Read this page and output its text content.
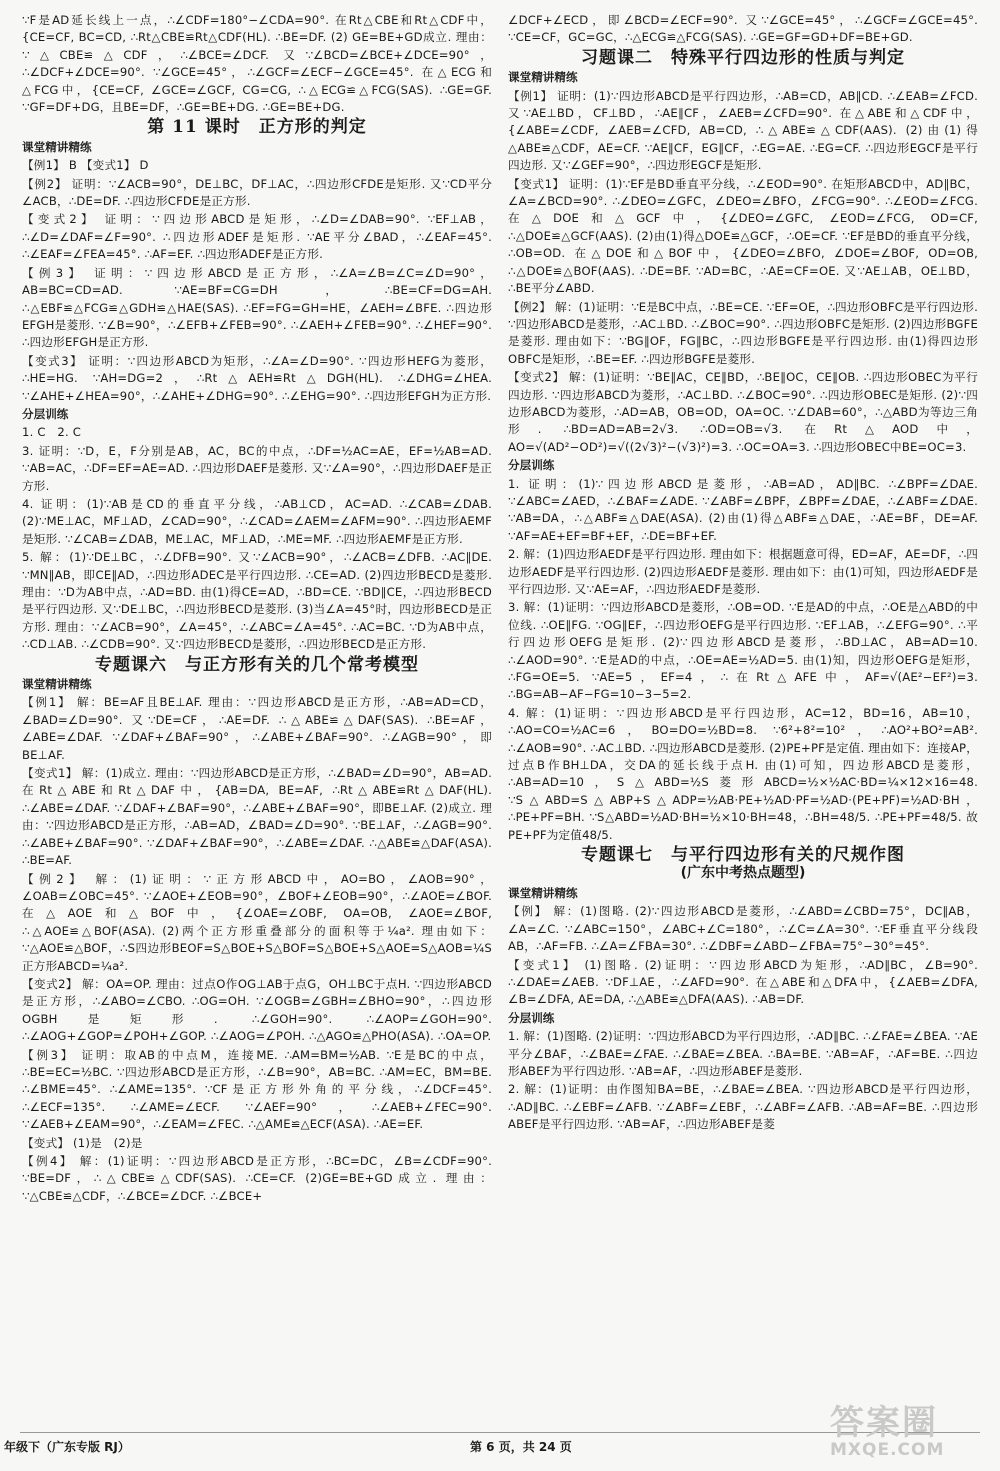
∵F是AD延长线上一点，∴∠CDF=180°−∠CDA=90°. 在Rt△CBE和Rt△CDF中，{CE=CF, BC=CD, ∴Rt△CBE≌Rt△CDF(HL). ∴BE=DF. (2) GE=BE+GD成立. 理由：∵△CBE≌△CDF，∴∠BCE=∠DCF. 又∵∠BCD=∠BCE+∠DCE=90°，∴∠DCF+∠DCE=90°. ∵∠GCE=45°，∴∠GCF=∠ECF−∠GCE=45°. 在△ECG和△FCG中，{CE=CF, ∠GCE=∠GCF, CG=CG, ∴△ECG≌△FCG(SAS). ∴GE=GF. ∵GF=DF+DG，且BE=DF，∴GE=BE+DG. ∴GE=BE+DG.
第 11 课时　正方形的判定
课堂精讲精练
【例1】 B 【变式1】 D
【例2】 证明：∵∠ACB=90°，DE⊥BC，DF⊥AC，∴四边形CFDE是矩形. 又∵CD平分∠ACB，∴DE=DF. ∴四边形CFDE是正方形.
【变式2】 证明：∵四边形ABCD是矩形，∴∠D=∠DAB=90°. ∵EF⊥AB，∴∠D=∠DAF=∠F=90°. ∴四边形ADEF是矩形. ∵AE平分∠BAD，∴∠EAF=45°. ∴∠EAF=∠FEA=45°. ∴AF=EF. ∴四边形ADEF是正方形.
【例3】 证明：∵四边形ABCD是正方形，∴∠A=∠B=∠C=∠D=90°，AB=BC=CD=AD. ∵AE=BF=CG=DH，∴BE=CF=DG=AH. ∴△EBF≌△FCG≌△GDH≌△HAE(SAS). ∴EF=FG=GH=HE，∠AEH=∠BFE. ∴四边形EFGH是菱形. ∵∠B=90°，∴∠EFB+∠FEB=90°. ∴∠AEH+∠FEB=90°. ∴∠HEF=90°. ∴四边形EFGH是正方形.
【变式3】 证明：∵四边形ABCD为矩形，∴∠A=∠D=90°. ∵四边形HEFG为菱形，∴HE=HG. ∵AH=DG=2，∴Rt△AEH≌Rt△DGH(HL). ∴∠DHG=∠HEA. ∵∠AHE+∠HEA=90°，∴∠AHE+∠DHG=90°. ∴∠EHG=90°. ∴四边形EFGH为正方形.
分层训练
1. C　2. C
3. 证明：∵D，E，F分别是AB，AC，BC的中点，∴DF=½AC=AE，EF=½AB=AD. ∵AB=AC，∴DF=EF=AE=AD. ∴四边形DAEF是菱形. 又∵∠A=90°，∴四边形DAEF是正方形.
4. 证明：(1)∵AB是CD的垂直平分线，∴AB⊥CD，AC=AD. ∴∠CAB=∠DAB. (2)∵ME⊥AC，MF⊥AD，∠CAD=90°，∴∠CAD=∠AEM=∠AFM=90°. ∴四边形AEMF是矩形. ∵∠CAB=∠DAB，ME⊥AC，MF⊥AD，∴ME=MF. ∴四边形AEMF是正方形.
5. 解：(1)∵DE⊥BC，∴∠DFB=90°. 又∵∠ACB=90°，∴∠ACB=∠DFB. ∴AC∥DE. ∵MN∥AB，即CE∥AD，∴四边形ADEC是平行四边形. ∴CE=AD. (2)四边形BECD是菱形. 理由：∵D为AB中点，∴AD=BD. 由(1)得CE=AD，∴BD=CE. ∵BD∥CE，∴四边形BECD是平行四边形. 又∵DE⊥BC，∴四边形BECD是菱形. (3)当∠A=45°时，四边形BECD是正方形. 理由：∵∠ACB=90°，∠A=45°，∴∠ABC=∠A=45°. ∴AC=BC. ∵D为AB中点，∴CD⊥AB. ∴∠CDB=90°. 又∵四边形BECD是菱形，∴四边形BECD是正方形.
专题课六　与正方形有关的几个常考模型
课堂精讲精练
【例1】 解：BE=AF且BE⊥AF. 理由：∵四边形ABCD是正方形，∴AB=AD=CD，∠BAD=∠D=90°. 又∵DE=CF，∴AE=DF. ∴△ABE≌△DAF(SAS). ∴BE=AF，∠ABE=∠DAF. ∵∠DAF+∠BAF=90°，∴∠ABE+∠BAF=90°. ∴∠AGB=90°，即BE⊥AF.
【变式1】 解：(1)成立. 理由：∵四边形ABCD是正方形，∴∠BAD=∠D=90°，AB=AD. 在Rt△ABE和Rt△DAF中，{AB=DA, BE=AF, ∴Rt△ABE≌Rt△DAF(HL). ∴∠ABE=∠DAF. ∵∠DAF+∠BAF=90°，∴∠ABE+∠BAF=90°，即BE⊥AF. (2)成立. 理由：∵四边形ABCD是正方形，∴AB=AD，∠BAD=∠D=90°. ∵BE⊥AF，∴∠AGB=90°. ∴∠ABE+∠BAF=90°. ∵∠DAF+∠BAF=90°，∴∠ABE=∠DAF. ∴△ABE≌△DAF(ASA). ∴BE=AF.
【例2】 解：(1)证明：∵正方形ABCD中，AO=BO，∠AOB=90°，∠OAB=∠OBC=45°. ∵∠AOE+∠EOB=90°，∠BOF+∠EOB=90°，∴∠AOE=∠BOF. 在△AOE和△BOF中，{∠OAE=∠OBF, OA=OB, ∠AOE=∠BOF, ∴△AOE≌△BOF(ASA). (2)两个正方形重叠部分的面积等于¼a². 理由如下：∵△AOE≌△BOF，∴S四边形BEOF=S△BOE+S△BOF=S△BOE+S△AOE=S△AOB=¼S正方形ABCD=¼a².
【变式2】 解：OA=OP. 理由：过点O作OG⊥AB于点G，OH⊥BC于点H. ∵四边形ABCD是正方形，∴∠ABO=∠CBO. ∴OG=OH. ∵∠OGB=∠GBH=∠BHO=90°，∴四边形OGBH是矩形. ∴∠GOH=90°. ∴∠AOP=∠GOH=90°. ∴∠AOG+∠GOP=∠POH+∠GOP. ∴∠AOG=∠POH. ∴△AGO≌△PHO(ASA). ∴OA=OP.
【例3】 证明：取AB的中点M，连接ME. ∴AM=BM=½AB. ∵E是BC的中点，∴BE=EC=½BC. ∵四边形ABCD是正方形，∴∠B=90°，AB=BC. ∴AM=EC，BM=BE. ∴∠BME=45°. ∴∠AME=135°. ∵CF是正方形外角的平分线，∴∠DCF=45°. ∴∠ECF=135°. ∴∠AME=∠ECF. ∵∠AEF=90°，∴∠AEB+∠FEC=90°. ∵∠AEB+∠EAM=90°，∴∠EAM=∠FEC. ∴△AME≌△ECF(ASA). ∴AE=EF.
【变式】 (1)是　(2)是
【例4】 解：(1)证明：∵四边形ABCD是正方形，∴BC=DC，∠B=∠CDF=90°. ∵BE=DF，∴△CBE≌△CDF(SAS). ∴CE=CF. (2)GE=BE+GD成立. 理由：∵△CBE≌△CDF，∴∠BCE=∠DCF. ∴∠BCE+
∠DCF+∠ECD，即∠BCD=∠ECF=90°. 又∵∠GCE=45°，∴∠GCF=∠GCE=45°. ∵CE=CF，GC=GC，∴△ECG≌△FCG(SAS). ∴GE=GF=GD+DF=BE+GD.
习题课二　特殊平行四边形的性质与判定
课堂精讲精练
【例1】 证明：(1)∵四边形ABCD是平行四边形，∴AB=CD，AB∥CD. ∴∠EAB=∠FCD. 又∵AE⊥BD，CF⊥BD，∴AE∥CF，∠AEB=∠CFD=90°. 在△ABE和△CDF中，{∠ABE=∠CDF, ∠AEB=∠CFD, AB=CD, ∴△ABE≌△CDF(AAS). (2)由(1)得△ABE≌△CDF，AE=CF. ∵AE∥CF，EG∥CF，∴EG=AE. ∴EG=CF. ∴四边形EGCF是平行四边形. 又∵∠GEF=90°，∴四边形EGCF是矩形.
【变式1】 证明：(1)∵EF是BD垂直平分线，∴∠EOD=90°. 在矩形ABCD中，AD∥BC，∠A=∠BCD=90°. ∴∠DEO=∠GFC，∠DEO=∠BFO，∠FCG=90°. ∴∠EOD=∠FCG. 在△DOE和△GCF中，{∠DEO=∠GFC, ∠EOD=∠FCG, OD=CF, ∴△DOE≌△GCF(AAS). (2)由(1)得△DOE≌△GCF，∴OE=CF. ∵EF是BD的垂直平分线，∴OB=OD. 在△DOE和△BOF中，{∠DEO=∠BFO, ∠DOE=∠BOF, OD=OB, ∴△DOE≌△BOF(AAS). ∴DE=BF. ∵AD=BC，∴AE=CF=OE. 又∵AE⊥AB，OE⊥BD，∴BE平分∠ABD.
【例2】 解：(1)证明：∵E是BC中点，∴BE=CE. ∵EF=OE，∴四边形OBFC是平行四边形. ∵四边形ABCD是菱形，∴AC⊥BD. ∴∠BOC=90°. ∴四边形OBFC是矩形. (2)四边形BGFE是菱形. 理由如下：∵BG∥OF，FG∥BC，∴四边形BGFE是平行四边形. 由(1)得四边形OBFC是矩形，∴BE=EF. ∴四边形BGFE是菱形.
【变式2】 解：(1)证明：∵BE∥AC，CE∥BD，∴BE∥OC，CE∥OB. ∴四边形OBEC为平行四边形. ∵四边形ABCD为菱形，∴AC⊥BD. ∴∠BOC=90°. ∴四边形OBEC是矩形. (2)∵四边形ABCD为菱形，∴AD=AB，OB=OD，OA=OC. ∵∠DAB=60°，∴△ABD为等边三角形. ∴BD=AD=AB=2√3. ∴OD=OB=√3. 在Rt△AOD中，AO=√(AD²−OD²)=√((2√3)²−(√3)²)=3. ∴OC=OA=3. ∴四边形OBEC中BE=OC=3.
分层训练
1. 证明：(1)∵四边形ABCD是菱形，∴AB=AD，AD∥BC. ∴∠BPF=∠DAE. ∵∠ABC=∠AED，∴∠BAF=∠ADE. ∵∠ABF=∠BPF，∠BPF=∠DAE，∴∠ABF=∠DAE. ∵AB=DA，∴△ABF≌△DAE(ASA). (2)由(1)得△ABF≌△DAE，∴AE=BF，DE=AF. ∵AF=AE+EF=BF+EF，∴DE=BF+EF.
2. 解：(1)四边形AEDF是平行四边形. 理由如下：根据题意可得，ED=AF，AE=DF，∴四边形AEDF是平行四边形. (2)四边形AEDF是菱形. 理由如下：由(1)可知，四边形AEDF是平行四边形. 又∵AE=AF，∴四边形AEDF是菱形.
3. 解：(1)证明：∵四边形ABCD是菱形，∴OB=OD. ∵E是AD的中点，∴OE是△ABD的中位线. ∴OE∥FG. ∵OG∥EF，∴四边形OEFG是平行四边形. ∵EF⊥AB，∴∠EFG=90°. ∴平行四边形OEFG是矩形. (2)∵四边形ABCD是菱形，∴BD⊥AC，AB=AD=10. ∴∠AOD=90°. ∵E是AD的中点，∴OE=AE=½AD=5. 由(1)知，四边形OEFG是矩形，∴FG=OE=5. ∵AE=5，EF=4，∴在Rt△AFE中，AF=√(AE²−EF²)=3. ∴BG=AB−AF−FG=10−3−5=2.
4. 解：(1)证明：∵四边形ABCD是平行四边形，AC=12，BD=16，AB=10，∴AO=CO=½AC=6，BO=DO=½BD=8. ∵6²+8²=10²，∴AO²+BO²=AB². ∴∠AOB=90°. ∴AC⊥BD. ∴四边形ABCD是菱形. (2)PE+PF是定值. 理由如下：连接AP，过点B作BH⊥DA，交DA的延长线于点H. 由(1)可知，四边形ABCD是菱形，∴AB=AD=10，S△ABD=½S菱形ABCD=½×½AC·BD=¼×12×16=48. ∵S△ABD=S△ABP+S△ADP=½AB·PE+½AD·PF=½AD·(PE+PF)=½AD·BH，∴PE+PF=BH. ∵S△ABD=½AD·BH=½×10·BH=48，∴BH=48/5. ∴PE+PF=48/5. 故PE+PF为定值48/5.
专题课七　与平行四边形有关的尺规作图
(广东中考热点题型)
课堂精讲精练
【例】 解：(1)图略. (2)∵四边形ABCD是菱形，∴∠ABD=∠CBD=75°，DC∥AB，∠A=∠C. ∵∠ABC=150°，∠ABC+∠C=180°，∴∠C=∠A=30°. ∵EF垂直平分线段AB，∴AF=FB. ∴∠A=∠FBA=30°. ∴∠DBF=∠ABD−∠FBA=75°−30°=45°.
【变式1】 (1)图略. (2)证明：∵四边形ABCD为矩形，∴AD∥BC，∠B=90°. ∴∠DAE=∠AEB. ∵DF⊥AE，∴∠AFD=90°. 在△ABE和△DFA中，{∠AEB=∠DFA, ∠B=∠DFA, AE=DA, ∴△ABE≌△DFA(AAS). ∴AB=DF.
分层训练
1. 解：(1)图略. (2)证明：∵四边形ABCD为平行四边形，∴AD∥BC. ∴∠FAE=∠BEA. ∵AE平分∠BAF，∴∠BAE=∠FAE. ∴∠BAE=∠BEA. ∴BA=BE. ∵AB=AF，∴AF=BE. ∴四边形ABEF为平行四边形. ∵AB=AF，∴四边形ABEF是菱形.
2. 解：(1)证明：由作图知BA=BE，∴∠BAE=∠BEA. ∵四边形ABCD是平行四边形，∴AD∥BC. ∴∠EBF=∠AFB. ∵∠ABF=∠EBF，∴∠ABF=∠AFB. ∴AB=AF=BE. ∴四边形ABEF是平行四边形. ∵AB=AF，∴四边形ABEF是菱
年级下（广东专版 RJ）	第 6 页，共 24 页
答案圈
MXQE.COM
